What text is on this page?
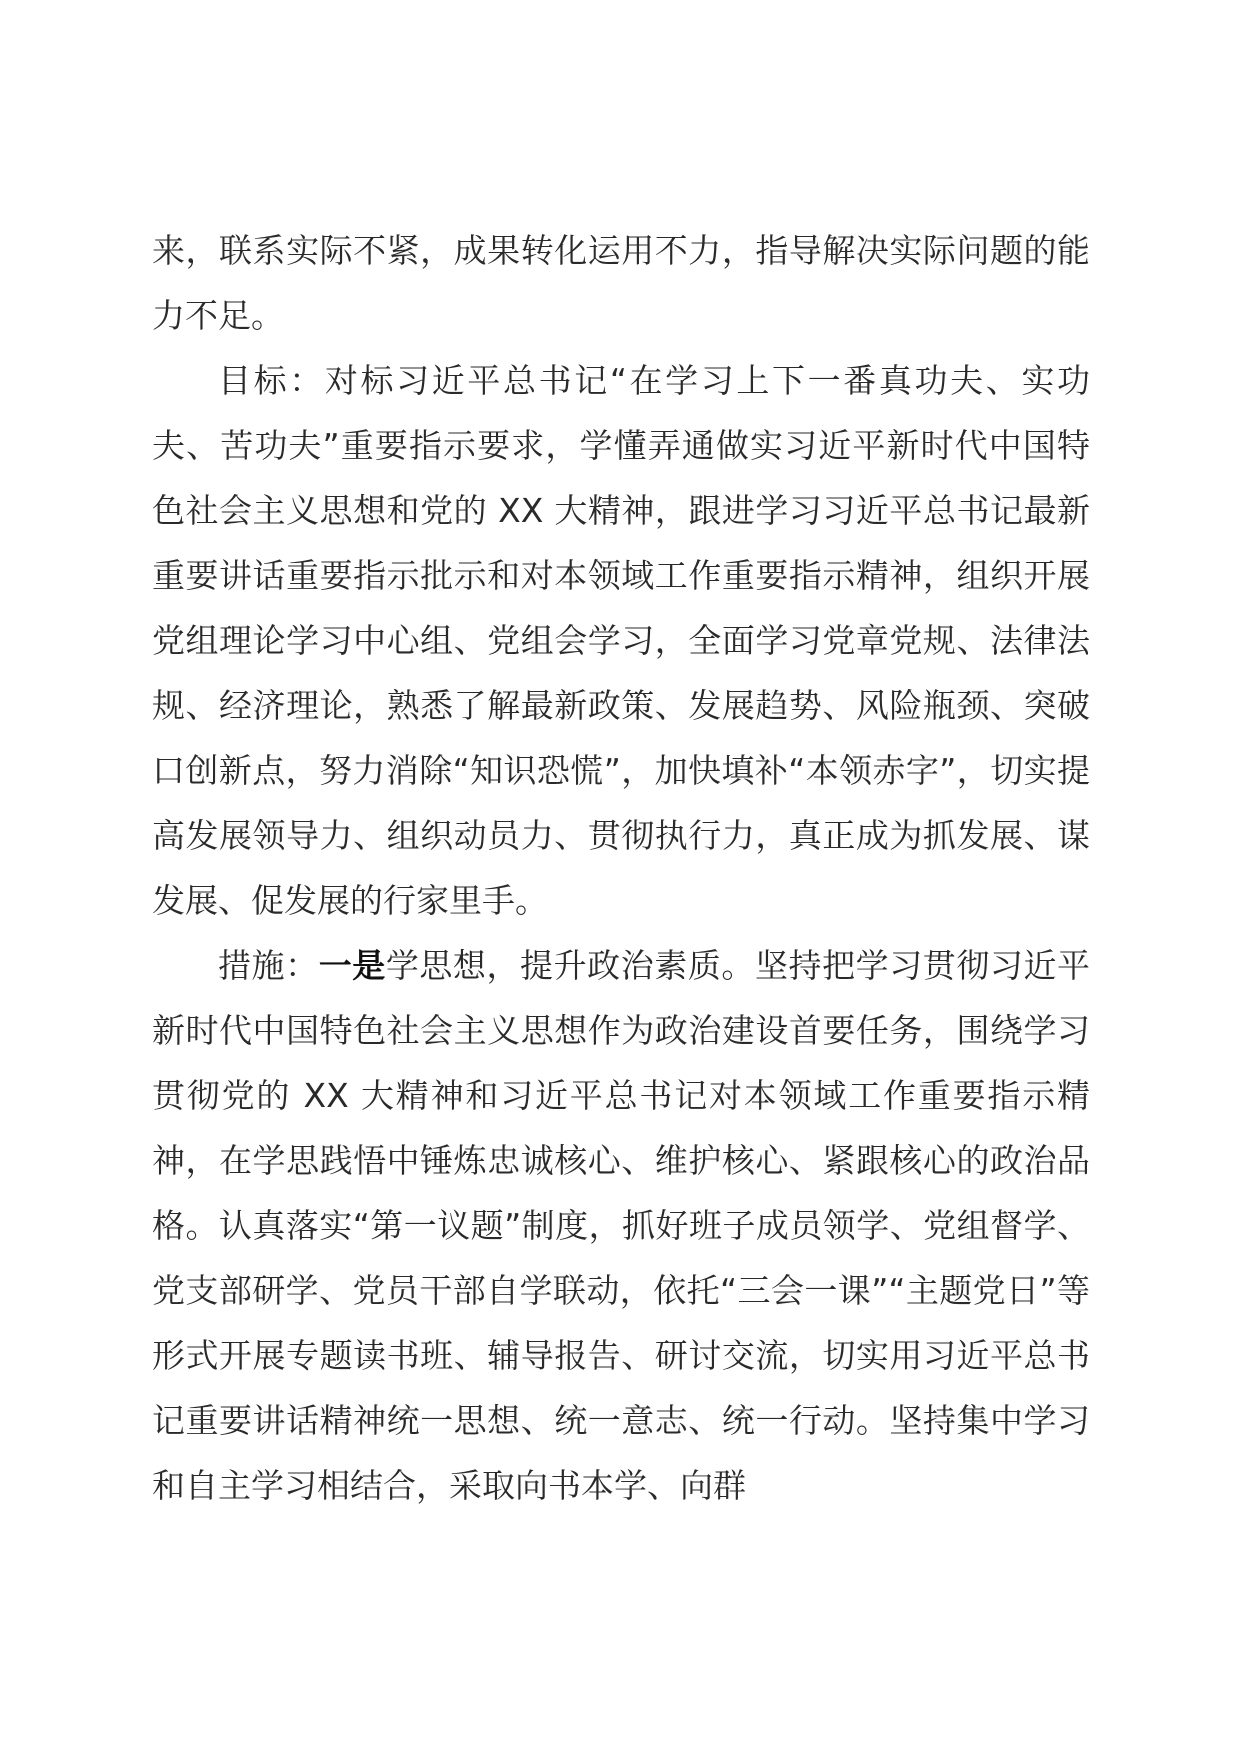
来，联系实际不紧，成果转化运用不力，指导解决实际问题的能力不足。

目标：对标习近平总书记“在学习上下一番真功夫、实功夫、苦功夫”重要指示要求，学懂弄通做实习近平新时代中国特色社会主义思想和党的 XX 大精神，跟进学习习近平总书记最新重要讲话重要指示批示和对本领域工作重要指示精神，组织开展党组理论学习中心组、党组会学习，全面学习党章党规、法律法规、经济理论，熟悉了解最新政策、发展趋势、风险瓶颈、突破口创新点，努力消除“知识恐慌”，加快填补“本领赤字”，切实提高发展领导力、组织动员力、贯彻执行力，真正成为抓发展、谋发展、促发展的行家里手。

措施：一是学思想，提升政治素质。坚持把学习贯彻习近平新时代中国特色社会主义思想作为政治建设首要任务，围绕学习贯彻党的 XX 大精神和习近平总书记对本领域工作重要指示精神，在学思践悟中锤炼忠诚核心、维护核心、紧跟核心的政治品格。认真落实“第一议题”制度，抓好班子成员领学、党组督学、党支部研学、党员干部自学联动，依托“三会一课”“主题党日”等形式开展专题读书班、辅导报告、研讨交流，切实用习近平总书记重要讲话精神统一思想、统一意志、统一行动。坚持集中学习和自主学习相结合，采取向书本学、向群
